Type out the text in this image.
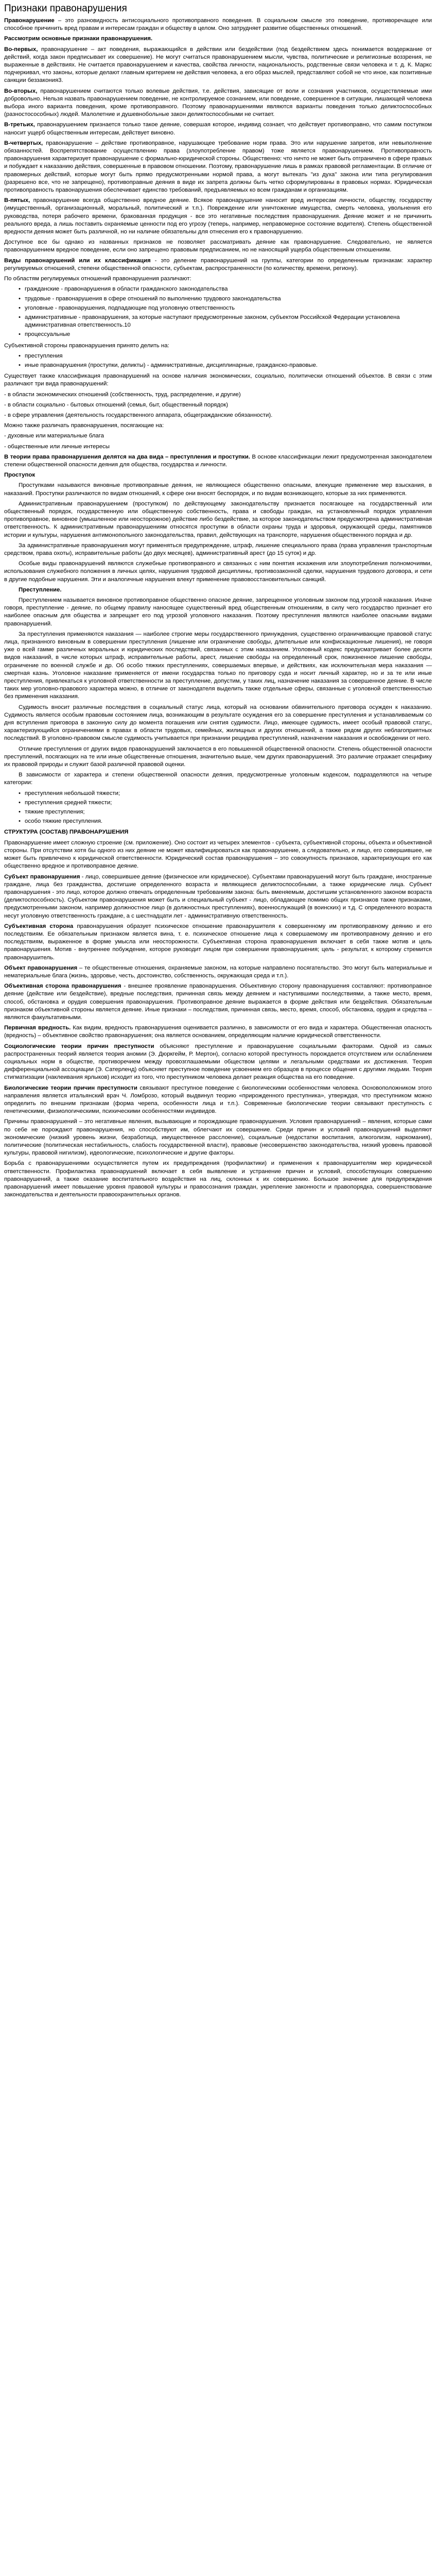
Признаки правонарушения

Правонарушение – это разновидность антисоциального противоправного поведения. В социальном смысле это поведение, противоречащее или способное причинить вред правам и интересам граждан и обществу в целом. Оно затрудняет развитие общественных отношений.

Рассмотрим основные признаки правонарушения.

Во-первых, правонарушение – акт поведения, выражающийся в действии или бездействии (под бездействием здесь понимается воздержание от действий, когда закон предписывает их совершение). Не могут считаться правонарушением мысли, чувства, политические и религиозные воззрения, не выраженные в действиях. Не считается правонарушением и качества, свойства личности, национальность, родственные связи человека и т. д. К. Маркс подчеркивал, что законы, которые делают главным критерием не действия человека, а его образ мыслей, представляют собой не что иное, как позитивные санкции беззакония3.

Во-вторых, правонарушением считаются только волевые действия, т.е. действия, зависящие от воли и сознания участников, осуществляемые ими добровольно. Нельзя назвать правонарушением поведение, не контролируемое сознанием, или поведение, совершенное в ситуации, лишающей человека выбора иного варианта поведения, кроме противоправного. Поэтому правонарушениями являются варианты поведения только деликтоспособных (разностосособных) людей. Малолетние и душевнобольные закон деликтоспособными не считает.

В-третьих, правонарушением признается только такое деяние, совершая которое, индивид сознает, что действует противоправно, что самим поступком наносит ущерб общественным интересам, действует виновно.

В-четвертых, правонарушение – действие противоправное, нарушающее требование норм права. Это или нарушение запретов, или невыполнение обязанностей. Воспрепятствование осуществлению права (злоупотребление правом) тоже является правонарушением. Противоправность правонарушения характеризует правонарушение с формально-юридической стороны. Общественно: что ничто не может быть отграничено в сфере правых и побуждает к наказанию действия, совершенные в правовом отношении. Поэтому, правонарушение лишь в рамках правовой регламентации. В отличие от правомерных действий, которые могут быть прямо предусмотренными нормой права, а могут вытекать "из духа" закона или типа регулирования (разрешено все, что не запрещено), противоправные деяния в виде их запрета должны быть четко сформулированы в правовых нормах. Юридическая противоправность правонарушения обеспечивает единство требований, предъявляемых ко всем гражданам и организациям.

В-пятых, правонарушение всегда общественно вредное деяние. Всякое правонарушение наносит вред интересам личности, обществу, государству (имущественный, организационный, моральный, политический и т.п.). Повреждение или уничтожение имущества, смерть человека, увольнения его руководства, потеря рабочего времени, бракованная продукция - все это негативные последствия правонарушения. Деяние может и не причинить реального вреда, а лишь поставить охраняемые ценности под его угрозу (теперь, например, неправомерное состояние водителя). Степень общественной вредности деяния может быть различной, но ни наличие обязательны для отнесения его к правонарушению.

Доступное все бы однако из названных признаков не позволяет расcматривать деяние как правонарушение. Следовательно, не является правонарушением вредное поведение, если оно запрещено правовым предписанием, но не наносящий ущерба общественным отношениям.

Виды правонарушений или их классификация - это деление правонарушений на группы, категории по определенным признакам: характер регулируемых отношений, степени общественной опасности, субъектам, распространенности (по количеству, времени, региону).

По областям регулируемых отношений правонарушения различают:

• гражданские - правонарушения в области гражданского законодательства
• трудовые - правонарушения в сфере отношений по выполнению трудового законодательства
• уголовные - правонарушения, подпадающие под уголовную ответственность
• административные - правонарушения, за которые наступают предусмотренные законом, субъектом Российской Федерации установлена административная ответственность.10
• процессуальные

Субъективной стороны правонарушения принято делить на:

• преступления
• иные правонарушения (проступки, деликты) - административные, дисциплинарные, гражданско-правовые.

Существует также классификация правонарушений на основе наличия экономических, социально, политически отношений объектов. В связи с этим различают три вида правонарушений:

- в области экономических отношений (собственность, труд, распределение, и другие)

- в области социально - бытовых отношений (семья, быт, общественный порядок)

- в сфере управления (деятельность государственного аппарата, общегражданские обязанности).

Можно также различать правонарушения, посягающие на:

- духовные или материальные блага

- общественные или личные интересы

В теории права правонарушения делятся на два вида – преступления и проступки. В основе классификации лежит предусмотренная законодателем степени общественной опасности деяния для общества, государства и личности.

Проступок

Проступками называются виновные противоправные деяния, не являющиеся общественно опасными, влекущие применение мер взыскания, в наказаний. Проступки различаются по видам отношений, к сфере они вносят беспорядок, и по видам возникающего, которые за них применяются.

Административным правонарушением (проступком) по действующему законодательству признается посягающее на государственный или общественный порядок, государственную или общественную собственность, права и свободы граждан, на установленный порядок управления противоправное, виновное (умышленное или неосторожное) действие либо бездействие, за которое законодательством предусмотрена административная ответственность. К административным правонарушениям относятся проступки в области охраны труда и здоровья, окружающей среды, памятников истории и культуры, нарушения антимонопольного законодательства, правил, действующих на транспорте, нарушения общественного порядка и др.

За административные правонарушения могут применяться предупреждение, штраф, лишение специального права (права управления транспортным средством, права охоты), исправительные работы (до двух месяцев), административный арест (до 15 суток) и др.

Особые виды правонарушений являются служебные противоправного и связанных с ним понятия искажения или злоупотребления полномочиями, использования служебного положения в личных целях, нарушения трудовой дисциплины, противозаконной сделки, нарушения трудового договора, и сети в другие подобные нарушения. Эти и аналогичные нарушения влекут применение правовоcстановительных санкций.

Преступление.

Преступлением называется виновное противоправное общественно опасное деяние, запрещенное уголовным законом под угрозой наказания. Иначе говоря, преступление - деяние, по общему правилу наносящее существенный вред общественным отношениям, в силу чего государство признает его наиболее опасным для общества и запрещает его под угрозой уголовного наказания. Поэтому преступления являются наиболее опасными видами правонарушений.

За преступления применяются наказания — наиболее строгие меры государственного принуждения, существенно ограничивающие правовой статус лица, признанного виновным в совершении преступления (лишение или ограничение свободы, длительные или конфискационные лишения), не говоря уже о всей гамме различных моральных и юридических последствий, связанных с этим наказанием. Уголовный кодекс предусматривает более десяти видов наказаний, в числе которых штраф, исправительные работы, арест, лишение свободы на определенный срок, пожизненное лишение свободы, ограничение по военной службе и др. Об особо тяжких преступлениях, совершаемых впервые, и действиях, как исключительная мера наказания — смертная казнь. Уголовное наказание применяется от имени государства только по приговору суда и носит личный характер, но и за те или иные преступления, привлекаться к уголовной ответственности за преступление, допустим, у таких лиц, назначение наказания за совершенное деяние. В числе таких мер уголовно-правового характера можно, в отличие от законодателя выделить также отдельные сферы, связанные с уголовной ответственностью без применения наказания.

Судимость вносит различные последствия в социальный статус лица, который на основании обвинительного приговора осужден к наказанию. Судимость является особым правовым состоянием лица, возникающим в результате осуждения его за совершение преступления и устанавливаемым со дня вступления приговора в законную силу до момента погашения или снятия судимости. Лицо, имеющее судимость, имеет особый правовой статус, характеризующийся ограничениями в правах в области трудовых, семейных, жилищных и других отношений, а также рядом других неблагоприятных последствий. В уголовно-правовом смысле судимость учитывается при признании рецидива преступлений, назначении наказания и освобождении от него.

Отличие преступления от других видов правонарушений заключается в его повышенной общественной опасности. Степень общественной опасности преступлений, посягающих на те или иные общественные отношения, значительно выше, чем других правонарушений. Это различие отражает специфику их правовой природы и служит базой различной правовой оценки.

В зависимости от характера и степени общественной опасности деяния, предусмотренные уголовным кодексом, подразделяются на четыре категории:

• преступления небольшой тяжести;
• преступления средней тяжести;
• тяжкие преступления;
• особо тяжкие преступления.

СТРУКТУРА (СОСТАВ) ПРАВОНАРУШЕНИЯ

Правонарушение имеет сложную строение (см. приложение). Оно состоит из четырех элементов - субъекта, субъективной стороны, объекта и объективной стороны. При отсутствии хотя бы одного из них деяние не может квалифицироваться как правонарушение, а следовательно, и лицо, его совершившее, не может быть привлечено к юридической ответственности. Юридический состав правонарушения – это совокупность признаков, характеризующих его как общественно вредное и противоправное деяние.

Субъект правонарушения - лицо, совершившее деяние (физическое или юридическое). Субъектами правонарушений могут быть граждане, иностранные граждане, лица без гражданства, достигшие определенного возраста и являющиеся деликтоспособными, а также юридические лица. Субъект правонарушения - это лицо, которое должно отвечать определенным требованиям закона: быть вменяемым, достигшим установленного законом возраста (деликтоспособность). Субъектом правонарушения может быть и специальный субъект - лицо, обладающее помимо общих признаков также признаками, предусмотренными законом, например должностное лицо (в должностных преступлениях), военнослужащий (в воинских) и т.д. С определенного возраста несут уголовную ответственность граждане, а с шестнадцати лет - административную ответственность.

Субъективная сторона правонарушения образует психическое отношение правонарушителя к совершенному им противоправному деянию и его последствиям. Ее обязательным признаком является вина, т. е. психическое отношение лица к совершаемому им противоправному деянию и его последствиям, выраженное в форме умысла или неосторожности. Субъективная сторона правонарушения включает в себя также мотив и цель правонарушения. Мотив - внутреннее побуждение, которое руководит лицом при совершении правонарушения; цель - результат, к которому стремится правонарушитель.

Объект правонарушения – те общественные отношения, охраняемые законом, на которые направлено посягательство. Это могут быть материальные и нематериальные блага (жизнь, здоровье, честь, достоинство, собственность, окружающая среда и т.п.).

Объективная сторона правонарушения - внешнее проявление правонарушения. Объективную сторону правонарушения составляют: противоправное деяние (действие или бездействие), вредные последствия, причинная связь между деянием и наступившими последствиями, а также место, время, способ, обстановка и орудия совершения правонарушения. Противоправное деяние выражается в форме действия или бездействия. Обязательным признаком объективной стороны является деяние. Иные признаки – последствия, причинная связь, место, время, способ, обстановка, орудия и средства – являются факультативными.

Первичная вредность. Как видим, вредность правонарушения оценивается различно, в зависимости от его вида и характера. Общественная опасность (вредность) – объективное свойство правонарушения; она является основанием, определяющим наличие юридической ответственности.

Социологические теории причин преступности объясняют преступление и правонарушение социальными факторами. Одной из самых распространенных теорий является теория аномии (Э. Дюркгейм, Р. Мертон), согласно которой преступность порождается отсутствием или ослаблением социальных норм в обществе, противоречием между провозглашаемыми обществом целями и легальными средствами их достижения. Теория дифференциальной ассоциации (Э. Сатерленд) объясняет преступное поведение усвоением его образцов в процессе общения с другими людьми. Теория стигматизации (наклеивания ярлыков) исходит из того, что преступником человека делает реакция общества на его поведение.

Биологические теории причин преступности связывают преступное поведение с биологическими особенностями человека. Основоположником этого направления является итальянский врач Ч. Ломброзо, который выдвинул теорию «прирожденного преступника», утверждая, что преступником можно определить по внешним признакам (форма черепа, особенности лица и т.п.). Современные биологические теории связывают преступность с генетическими, физиологическими, психическими особенностями индивидов.

Причины правонарушений – это негативные явления, вызывающие и порождающие правонарушения. Условия правонарушений – явления, которые сами по себе не порождают правонарушения, но способствуют им, облегчают их совершение. Среди причин и условий правонарушений выделяют экономические (низкий уровень жизни, безработица, имущественное расслоение), социальные (недостатки воспитания, алкоголизм, наркомания), политические (политическая нестабильность, слабость государственной власти), правовые (несовершенство законодательства, низкий уровень правовой культуры, правовой нигилизм), идеологические, психологические и другие факторы.

Борьба с правонарушениями осуществляется путем их предупреждения (профилактики) и применения к правонарушителям мер юридической ответственности. Профилактика правонарушений включает в себя выявление и устранение причин и условий, способствующих совершению правонарушений, а также оказание воспитательного воздействия на лиц, склонных к их совершению. Большое значение для предупреждения правонарушений имеет повышение уровня правовой культуры и правосознания граждан, укрепление законности и правопорядка, совершенствование законодательства и деятельности правоохранительных органов.
